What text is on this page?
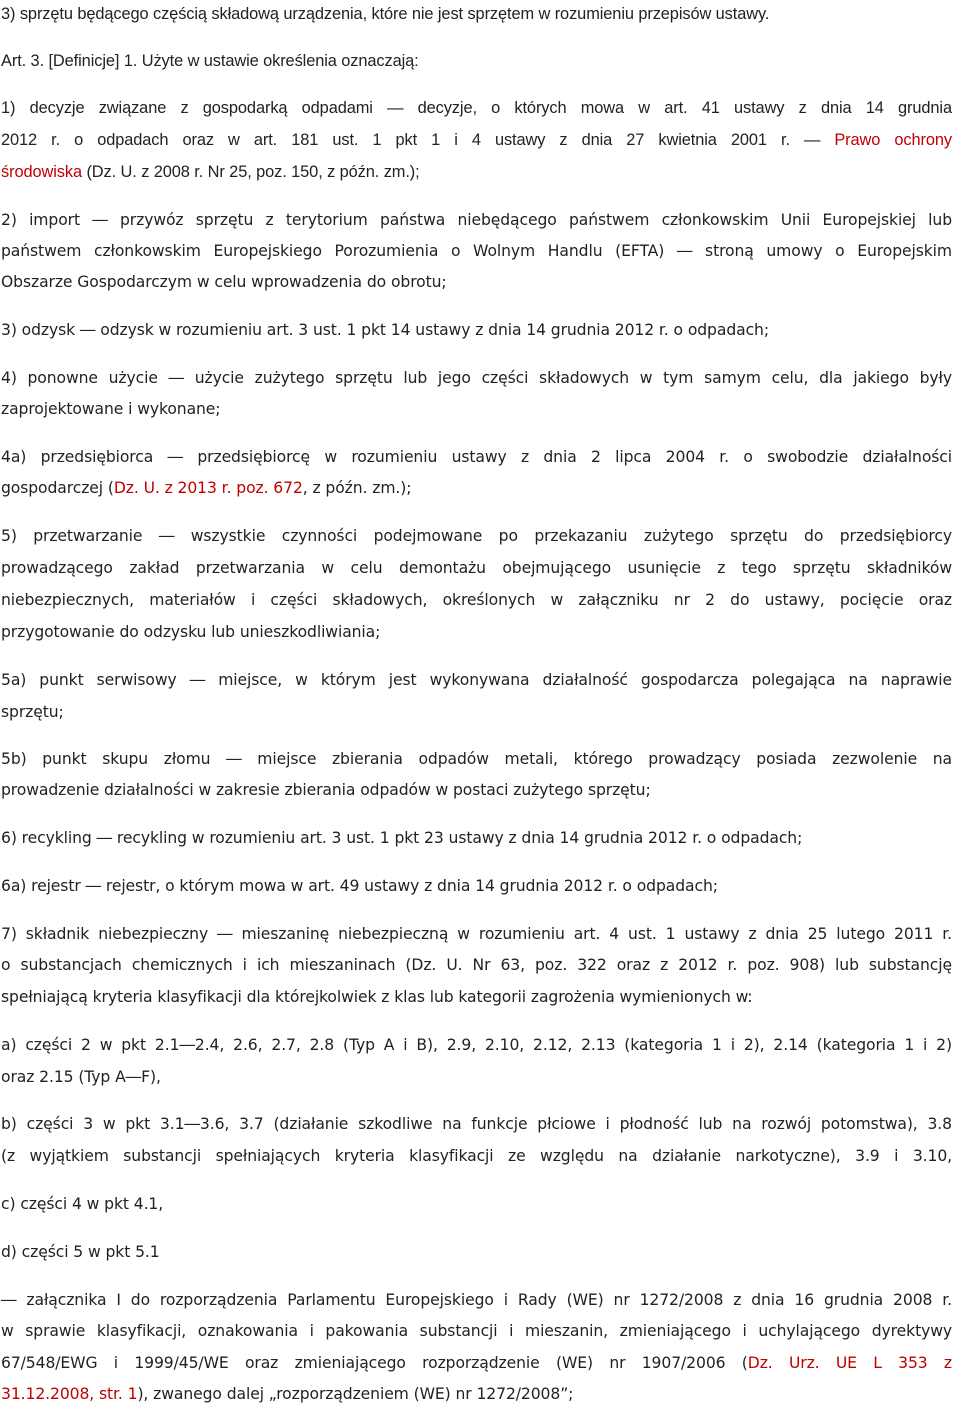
3) sprzętu będącego częścią składową urządzenia, które nie jest sprzętem w rozumieniu przepisów ustawy.
Art. 3. [Definicje] 1. Użyte w ustawie określenia oznaczają:
1) decyzje związane z gospodarką odpadami ― decyzje, o których mowa w art. 41 ustawy z dnia 14 grudnia
2012 r. o odpadach oraz w art. 181 ust. 1 pkt 1 i 4 ustawy z dnia 27 kwietnia 2001 r. ― Prawo ochrony
środowiska (Dz. U. z 2008 r. Nr 25, poz. 150, z późn. zm.);
2) import ― przywóz sprzętu z terytorium państwa niebędącego państwem członkowskim Unii Europejskiej lub
państwem członkowskim Europejskiego Porozumienia o Wolnym Handlu (EFTA) ― stroną umowy o Europejskim
Obszarze Gospodarczym w celu wprowadzenia do obrotu;
3) odzysk ― odzysk w rozumieniu art. 3 ust. 1 pkt 14 ustawy z dnia 14 grudnia 2012 r. o odpadach;
4) ponowne użycie ― użycie zużytego sprzętu lub jego części składowych w tym samym celu, dla jakiego były
zaprojektowane i wykonane;
4a) przedsiębiorca ― przedsiębiorcę w rozumieniu ustawy z dnia 2 lipca 2004 r. o swobodzie działalności
gospodarczej (Dz. U. z 2013 r. poz. 672, z późn. zm.);
5) przetwarzanie ― wszystkie czynności podejmowane po przekazaniu zużytego sprzętu do przedsiębiorcy
prowadzącego zakład przetwarzania w celu demontażu obejmującego usunięcie z tego sprzętu składników
niebezpiecznych, materiałów i części składowych, określonych w załączniku nr 2 do ustawy, pocięcie oraz
przygotowanie do odzysku lub unieszkodliwiania;
5a) punkt serwisowy ― miejsce, w którym jest wykonywana działalność gospodarcza polegająca na naprawie
sprzętu;
5b) punkt skupu złomu ― miejsce zbierania odpadów metali, którego prowadzący posiada zezwolenie na
prowadzenie działalności w zakresie zbierania odpadów w postaci zużytego sprzętu;
6) recykling ― recykling w rozumieniu art. 3 ust. 1 pkt 23 ustawy z dnia 14 grudnia 2012 r. o odpadach;
6a) rejestr ― rejestr, o którym mowa w art. 49 ustawy z dnia 14 grudnia 2012 r. o odpadach;
7) składnik niebezpieczny ― mieszaninę niebezpieczną w rozumieniu art. 4 ust. 1 ustawy z dnia 25 lutego 2011 r.
o substancjach chemicznych i ich mieszaninach (Dz. U. Nr 63, poz. 322 oraz z 2012 r. poz. 908) lub substancję
spełniającą kryteria klasyfikacji dla którejkolwiek z klas lub kategorii zagrożenia wymienionych w:
a) części 2 w pkt 2.1―2.4, 2.6, 2.7, 2.8 (Typ A i B), 2.9, 2.10, 2.12, 2.13 (kategoria 1 i 2), 2.14 (kategoria 1 i 2)
oraz 2.15 (Typ A―F),
b) części 3 w pkt 3.1―3.6, 3.7 (działanie szkodliwe na funkcje płciowe i płodność lub na rozwój potomstwa), 3.8
(z wyjątkiem substancji spełniających kryteria klasyfikacji ze względu na działanie narkotyczne), 3.9 i 3.10,
c) części 4 w pkt 4.1,
d) części 5 w pkt 5.1
― załącznika I do rozporządzenia Parlamentu Europejskiego i Rady (WE) nr 1272/2008 z dnia 16 grudnia 2008 r.
w sprawie klasyfikacji, oznakowania i pakowania substancji i mieszanin, zmieniającego i uchylającego dyrektywy
67/548/EWG i 1999/45/WE oraz zmieniającego rozporządzenie (WE) nr 1907/2006 (Dz. Urz. UE L 353 z
31.12.2008, str. 1), zwanego dalej „rozporządzeniem (WE) nr 1272/2008”;
